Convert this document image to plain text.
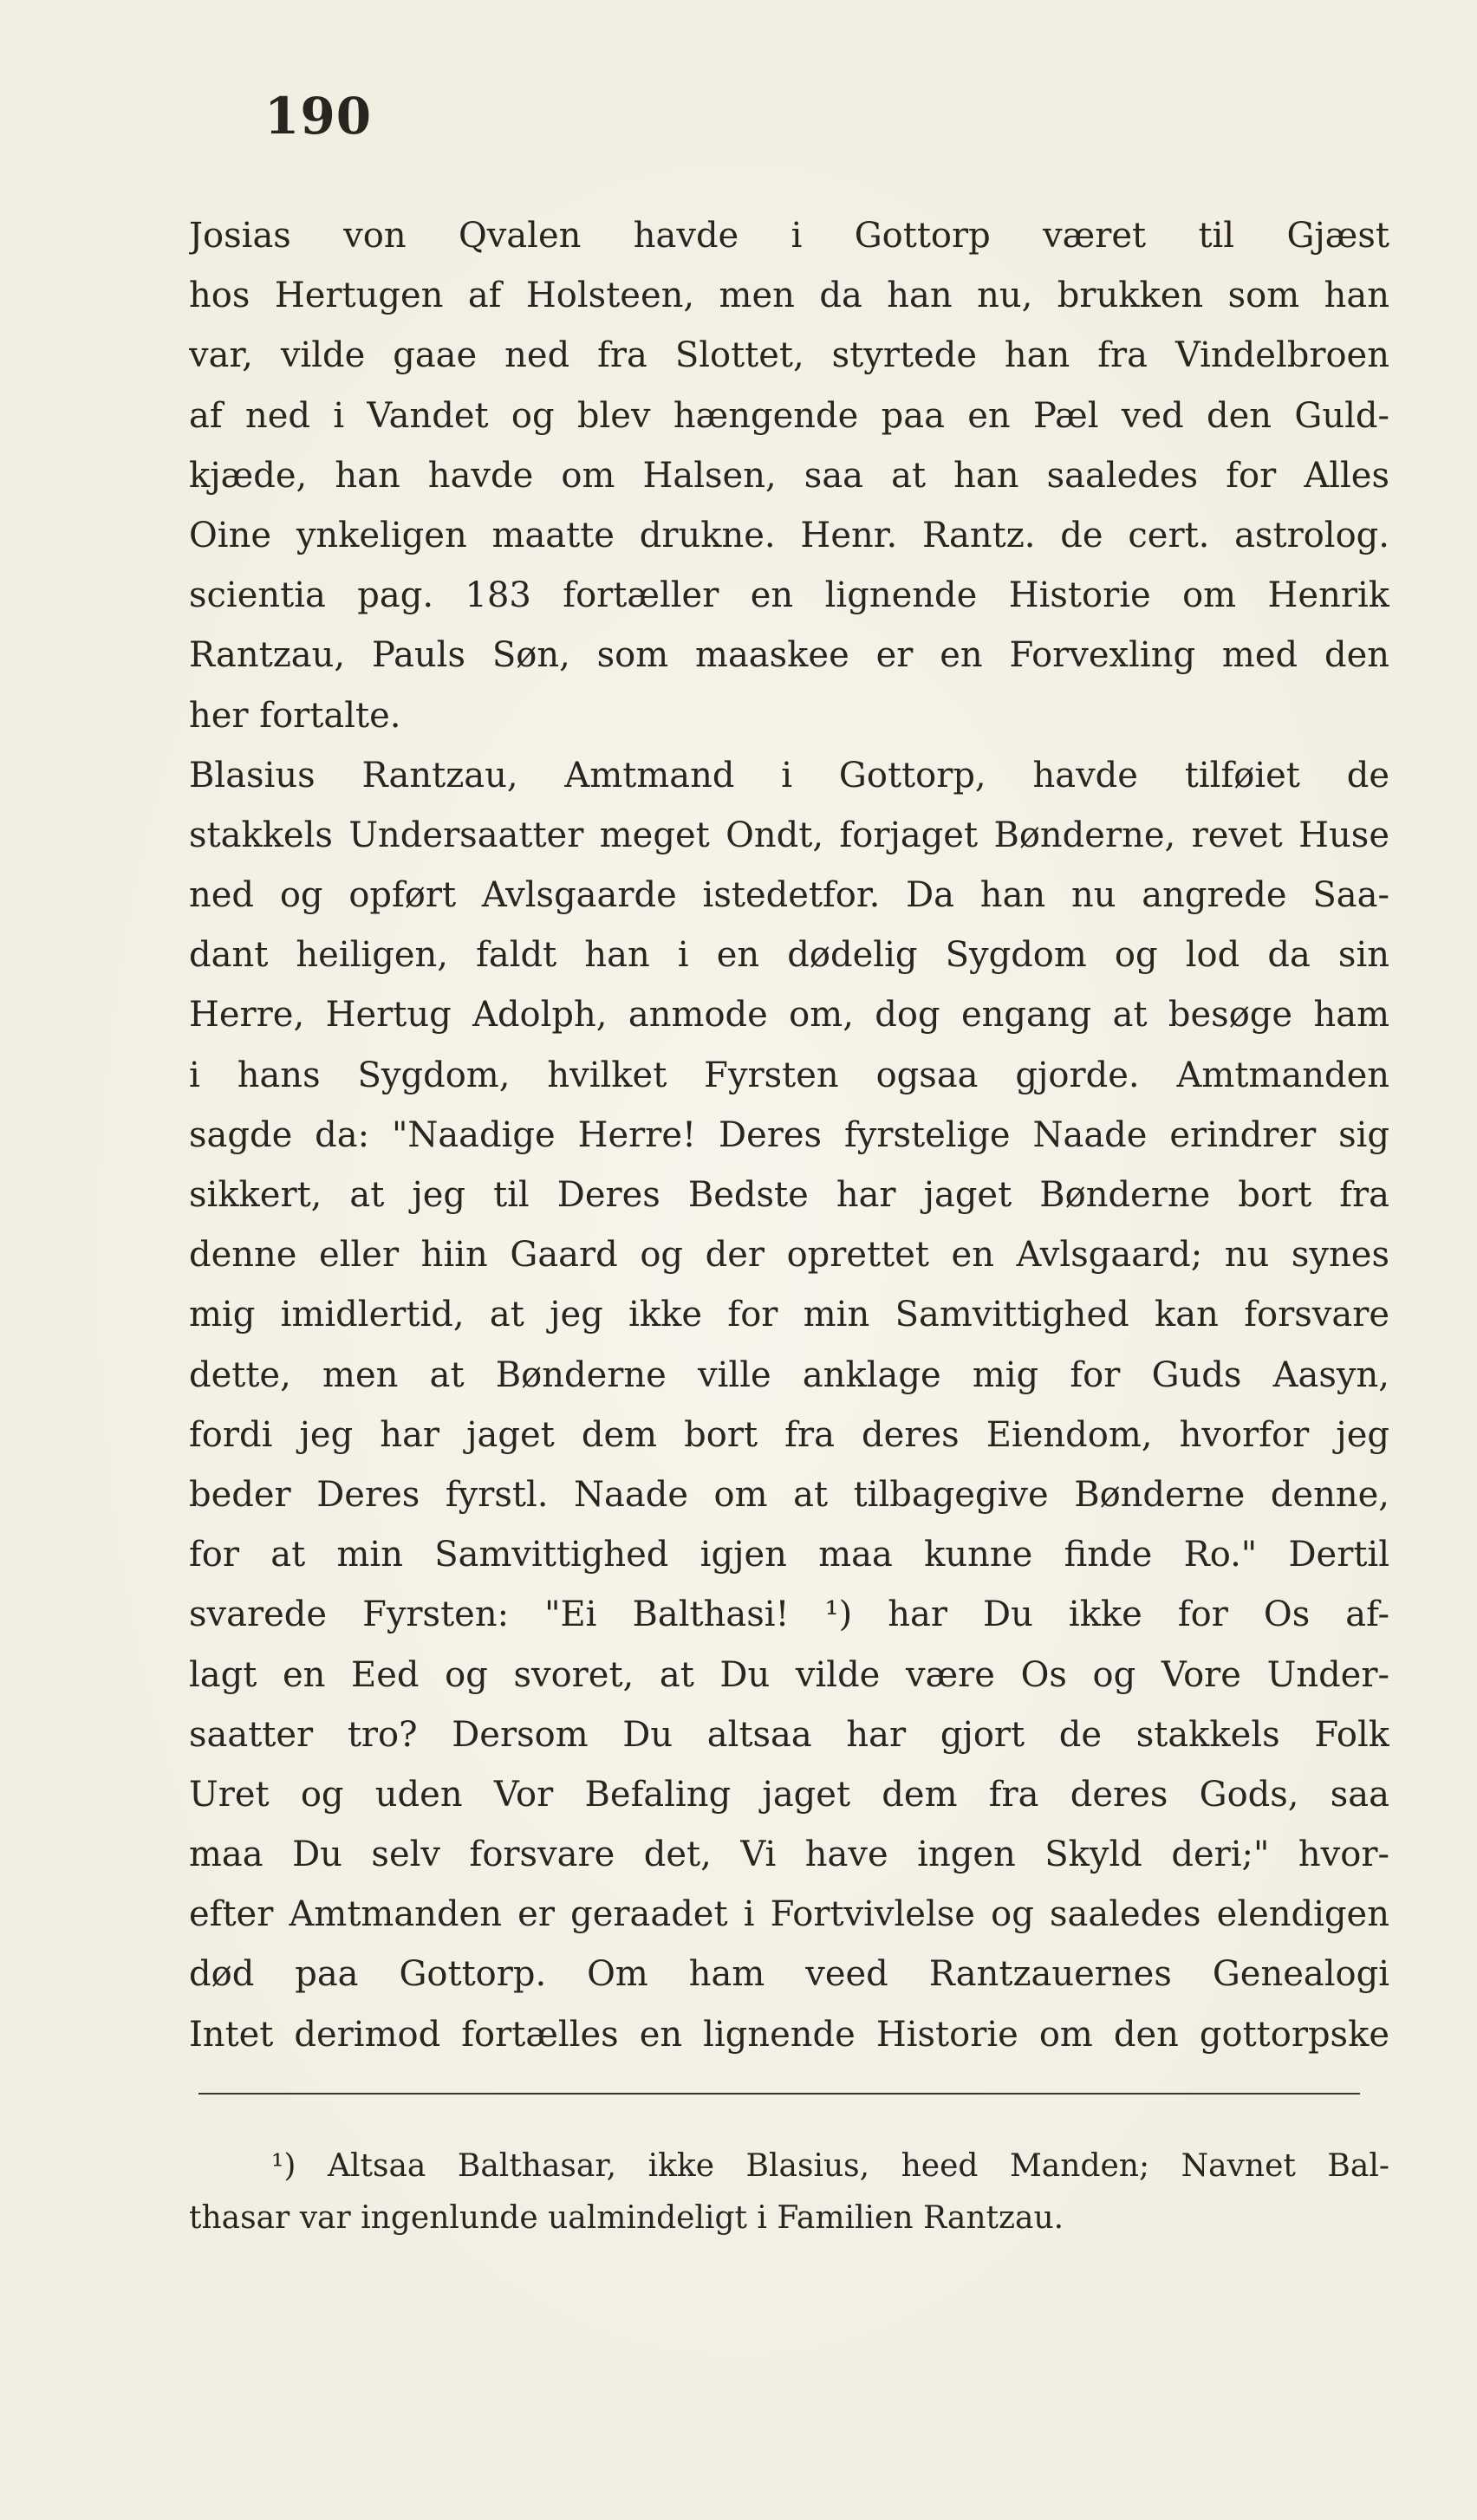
190
Josias von Qvalen havde i Gottorp været til Gjæst
hos Hertugen af Holsteen, men da han nu, brukken som han
var, vilde gaae ned fra Slottet, styrtede han fra Vindelbroen
af ned i Vandet og blev hængende paa en Pæl ved den Guld-
kjæde, han havde om Halsen, saa at han saaledes for Alles
Oine ynkeligen maatte drukne. Henr. Rantz. de cert. astrolog.
scientia pag. 183 fortæller en lignende Historie om Henrik
Rantzau, Pauls Søn, som maaskee er en Forvexling med den
her fortalte.
Blasius Rantzau, Amtmand i Gottorp, havde tilføiet de
stakkels Undersaatter meget Ondt, forjaget Bønderne, revet Huse
ned og opført Avlsgaarde istedetfor. Da han nu angrede Saa-
dant heiligen, faldt han i en dødelig Sygdom og lod da sin
Herre, Hertug Adolph, anmode om, dog engang at besøge ham
i hans Sygdom, hvilket Fyrsten ogsaa gjorde. Amtmanden
sagde da: "Naadige Herre! Deres fyrstelige Naade erindrer sig
sikkert, at jeg til Deres Bedste har jaget Bønderne bort fra
denne eller hiin Gaard og der oprettet en Avlsgaard; nu synes
mig imidlertid, at jeg ikke for min Samvittighed kan forsvare
dette, men at Bønderne ville anklage mig for Guds Aasyn,
fordi jeg har jaget dem bort fra deres Eiendom, hvorfor jeg
beder Deres fyrstl. Naade om at tilbagegive Bønderne denne,
for at min Samvittighed igjen maa kunne finde Ro." Dertil
svarede Fyrsten: "Ei Balthasi! ¹) har Du ikke for Os af-
lagt en Eed og svoret, at Du vilde være Os og Vore Under-
saatter tro? Dersom Du altsaa har gjort de stakkels Folk
Uret og uden Vor Befaling jaget dem fra deres Gods, saa
maa Du selv forsvare det, Vi have ingen Skyld deri;" hvor-
efter Amtmanden er geraadet i Fortvivlelse og saaledes elendigen
død paa Gottorp. Om ham veed Rantzauernes Genealogi
Intet derimod fortælles en lignende Historie om den gottorpske
¹) Altsaa Balthasar, ikke Blasius, heed Manden; Navnet Bal-
thasar var ingenlunde ualmindeligt i Familien Rantzau.
